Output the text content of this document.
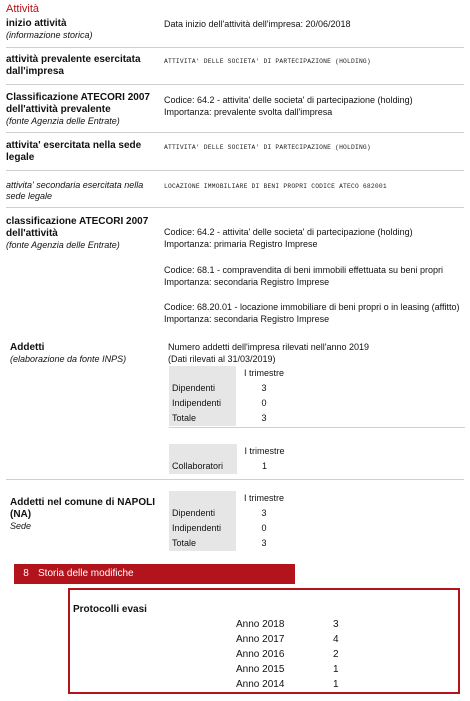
Attività
inizio attività
(informazione storica)
Data inizio dell'attività dell'impresa: 20/06/2018
attività prevalente esercitata dall'impresa
ATTIVITA' DELLE SOCIETA' DI PARTECIPAZIONE (HOLDING)
Classificazione ATECORI 2007 dell'attività prevalente
(fonte Agenzia delle Entrate)
Codice: 64.2 - attivita' delle societa' di partecipazione (holding)
Importanza: prevalente svolta dall'impresa
attivita' esercitata nella sede legale
ATTIVITA' DELLE SOCIETA' DI PARTECIPAZIONE (HOLDING)
attivita' secondaria esercitata nella sede legale
LOCAZIONE IMMOBILIARE DI BENI PROPRI CODICE ATECO 682001
classificazione ATECORI 2007 dell'attività
(fonte Agenzia delle Entrate)
Codice: 64.2 - attivita' delle societa' di partecipazione (holding)
Importanza: primaria Registro Imprese
Codice: 68.1 - compravendita di beni immobili effettuata su beni propri
Importanza: secondaria Registro Imprese
Codice: 68.20.01 - locazione immobiliare di beni propri o in leasing (affitto)
Importanza: secondaria Registro Imprese
Addetti
(elaborazione da fonte INPS)
Numero addetti dell'impresa rilevati nell'anno 2019
(Dati rilevati al 31/03/2019)
	I trimestre
Dipendenti	3
Indipendenti	0
Totale	3
	I trimestre
Collaboratori	1
Addetti nel comune di NAPOLI (NA)
Sede
	I trimestre
Dipendenti	3
Indipendenti	0
Totale	3
8 Storia delle modifiche
Protocolli evasi
Anno 2018	3
Anno 2017	4
Anno 2016	2
Anno 2015	1
Anno 2014	1
